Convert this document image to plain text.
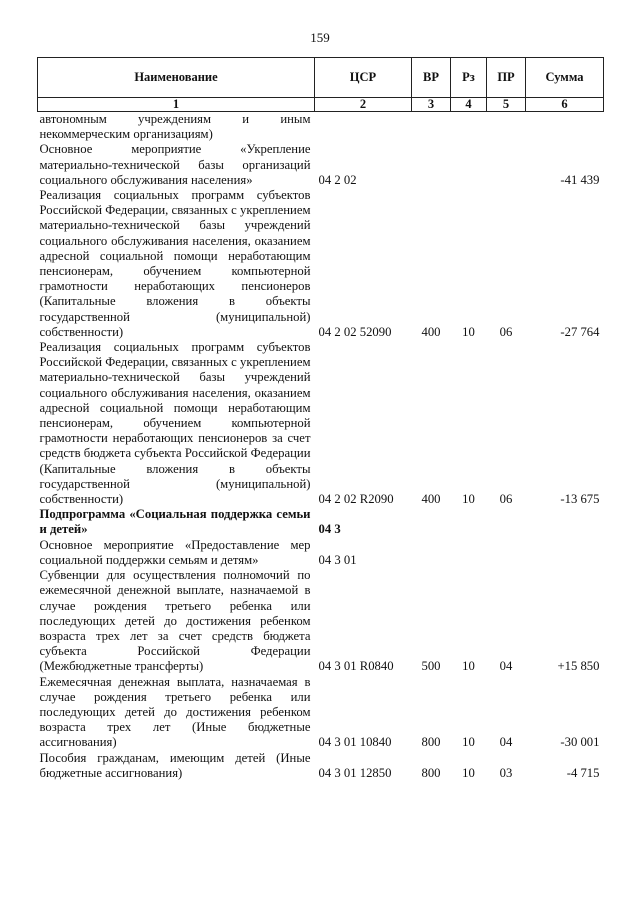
159
Наименование	ЦСР	ВР	Рз	ПР	Сумма
1	2	3	4	5	6
автономным учреждениям и иным некоммерческим организациям)					
Основное мероприятие «Укрепление материально-технической базы организаций социального обслуживания населения»	04 2 02				-41 439
Реализация социальных программ субъектов Российской Федерации, связанных с укреплением материально-технической базы учреждений социального обслуживания населения, оказанием адресной социальной помощи неработающим пенсионерам, обучением компьютерной грамотности неработающих пенсионеров (Капитальные вложения в объекты государственной (муниципальной) собственности)	04 2 02 52090	400	10	06	-27 764
Реализация социальных программ субъектов Российской Федерации, связанных с укреплением материально-технической базы учреждений социального обслуживания населения, оказанием адресной социальной помощи неработающим пенсионерам, обучением компьютерной грамотности неработающих пенсионеров за счет средств бюджета субъекта Российской Федерации (Капитальные вложения в объекты государственной (муниципальной) собственности)	04 2 02 R2090	400	10	06	-13 675
Подпрограмма «Социальная поддержка семьи и детей»	04 3				
Основное мероприятие «Предоставление мер социальной поддержки семьям и детям»	04 3 01				
Субвенции для осуществления полномочий по ежемесячной денежной выплате, назначаемой в случае рождения третьего ребенка или последующих детей до достижения ребенком возраста трех лет за счет средств бюджета субъекта Российской Федерации (Межбюджетные трансферты)	04 3 01 R0840	500	10	04	+15 850
Ежемесячная денежная выплата, назначаемая в случае рождения третьего ребенка или последующих детей до достижения ребенком возраста трех лет (Иные бюджетные ассигнования)	04 3 01 10840	800	10	04	-30 001
Пособия гражданам, имеющим детей (Иные бюджетные ассигнования)	04 3 01 12850	800	10	03	-4 715
